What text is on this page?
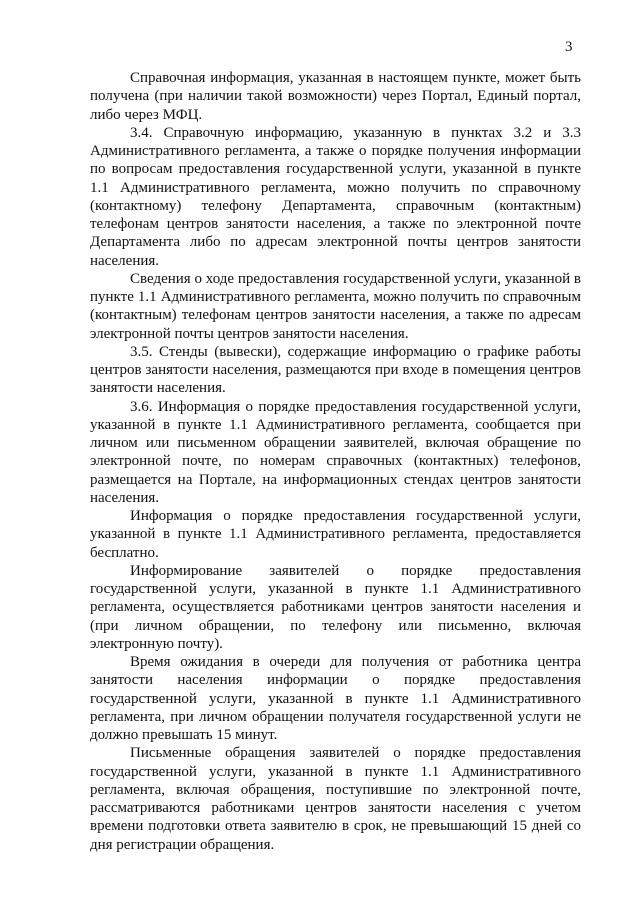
3

Справочная информация, указанная в настоящем пункте, может быть получена (при наличии такой возможности) через Портал, Единый портал, либо через МФЦ.

3.4. Справочную информацию, указанную в пунктах 3.2 и 3.3 Административного регламента, а также о порядке получения информации по вопросам предоставления государственной услуги, указанной в пункте 1.1 Административного регламента, можно получить по справочному (контактному) телефону Департамента, справочным (контактным) телефонам центров занятости населения, а также по электронной почте Департамента либо по адресам электронной почты центров занятости населения.

Сведения о ходе предоставления государственной услуги, указанной в пункте 1.1 Административного регламента, можно получить по справочным (контактным) телефонам центров занятости населения, а также по адресам электронной почты центров занятости населения.

3.5. Стенды (вывески), содержащие информацию о графике работы центров занятости населения, размещаются при входе в помещения центров занятости населения.

3.6. Информация о порядке предоставления государственной услуги, указанной в пункте 1.1 Административного регламента, сообщается при личном или письменном обращении заявителей, включая обращение по электронной почте, по номерам справочных (контактных) телефонов, размещается на Портале, на информационных стендах центров занятости населения.

Информация о порядке предоставления государственной услуги, указанной в пункте 1.1 Административного регламента, предоставляется бесплатно.

Информирование заявителей о порядке предоставления государственной услуги, указанной в пункте 1.1 Административного регламента, осуществляется работниками центров занятости населения и (при личном обращении, по телефону или письменно, включая электронную почту).

Время ожидания в очереди для получения от работника центра занятости населения информации о порядке предоставления государственной услуги, указанной в пункте 1.1 Административного регламента, при личном обращении получателя государственной услуги не должно превышать 15 минут.

Письменные обращения заявителей о порядке предоставления государственной услуги, указанной в пункте 1.1 Административного регламента, включая обращения, поступившие по электронной почте, рассматриваются работниками центров занятости населения с учетом времени подготовки ответа заявителю в срок, не превышающий 15 дней со дня регистрации обращения.
